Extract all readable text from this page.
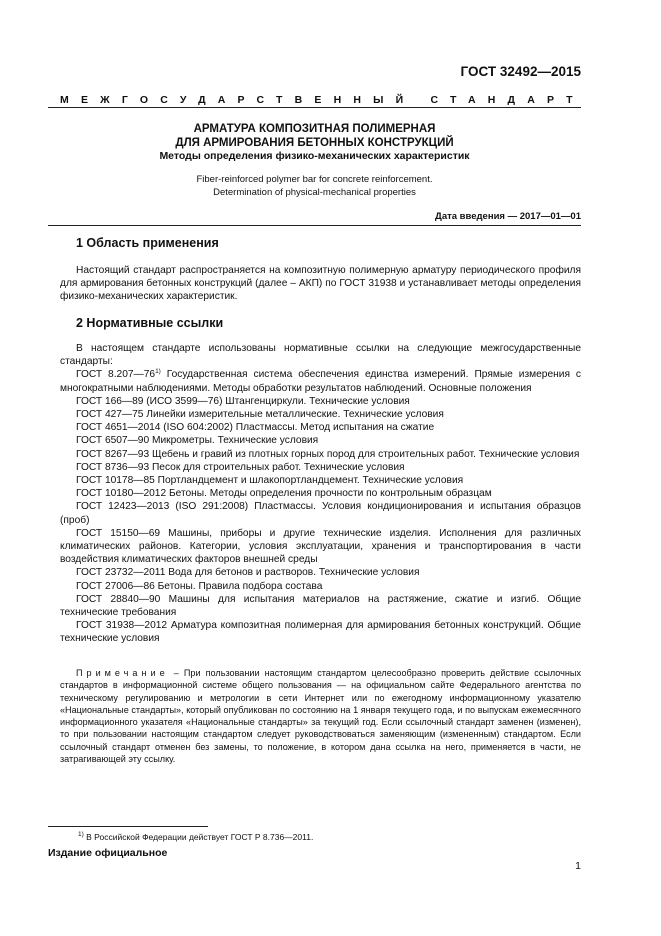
ГОСТ 32492—2015
МЕЖГОСУДАРСТВЕННЫЙ СТАНДАРТ
АРМАТУРА КОМПОЗИТНАЯ ПОЛИМЕРНАЯ
ДЛЯ АРМИРОВАНИЯ БЕТОННЫХ КОНСТРУКЦИЙ
Методы определения физико-механических характеристик
Fiber-reinforced polymer bar for concrete reinforcement.
Determination of physical-mechanical properties
Дата введения — 2017—01—01
1 Область применения

Настоящий стандарт распространяется на композитную полимерную арматуру периодического профиля для армирования бетонных конструкций (далее – АКП) по ГОСТ 31938 и устанавливает методы определения физико-механических характеристик.

2 Нормативные ссылки

В настоящем стандарте использованы нормативные ссылки на следующие межгосударственные стандарты:

ГОСТ 8.207—76$^{1)}$ Государственная система обеспечения единства измерений. Прямые измерения с многократными наблюдениями. Методы обработки результатов наблюдений. Основные положения

ГОСТ 166—89 (ИСО 3599—76) Штангенциркули. Технические условия

ГОСТ 427—75 Линейки измерительные металлические. Технические условия

ГОСТ 4651—2014 (ISO 604:2002) Пластмассы. Метод испытания на сжатие

ГОСТ 6507—90 Микрометры. Технические условия

ГОСТ 8267—93 Щебень и гравий из плотных горных пород для строительных работ. Технические условия

ГОСТ 8736—93 Песок для строительных работ. Технические условия

ГОСТ 10178—85 Портландцемент и шлакопортландцемент. Технические условия

ГОСТ 10180—2012 Бетоны. Методы определения прочности по контрольным образцам

ГОСТ 12423—2013 (ISO 291:2008) Пластмассы. Условия кондиционирования и испытания образцов (проб)

ГОСТ 15150—69 Машины, приборы и другие технические изделия. Исполнения для различных климатических районов. Категории, условия эксплуатации, хранения и транспортирования в части воздействия климатических факторов внешней среды

ГОСТ 23732—2011 Вода для бетонов и растворов. Технические условия

ГОСТ 27006—86 Бетоны. Правила подбора состава

ГОСТ 28840—90 Машины для испытания материалов на растяжение, сжатие и изгиб. Общие технические требования

ГОСТ 31938—2012 Арматура композитная полимерная для армирования бетонных конструкций. Общие технические условия

Примечание – При пользовании настоящим стандартом целесообразно проверить действие ссылочных стандартов в информационной системе общего пользования — на официальном сайте Федерального агентства по техническому регулированию и метрологии в сети Интернет или по ежегодному информационному указателю «Национальные стандарты», который опубликован по состоянию на 1 января текущего года, и по выпускам ежемесячного информационного указателя «Национальные стандарты» за текущий год. Если ссылочный стандарт заменен (изменен), то при пользовании настоящим стандартом следует руководствоваться заменяющим (измененным) стандартом. Если ссылочный стандарт отменен без замены, то положение, в котором дана ссылка на него, применяется в части, не затрагивающей эту ссылку.

$^{1)}$ В Российской Федерации действует ГОСТ Р 8.736—2011.
Издание официальное
1
